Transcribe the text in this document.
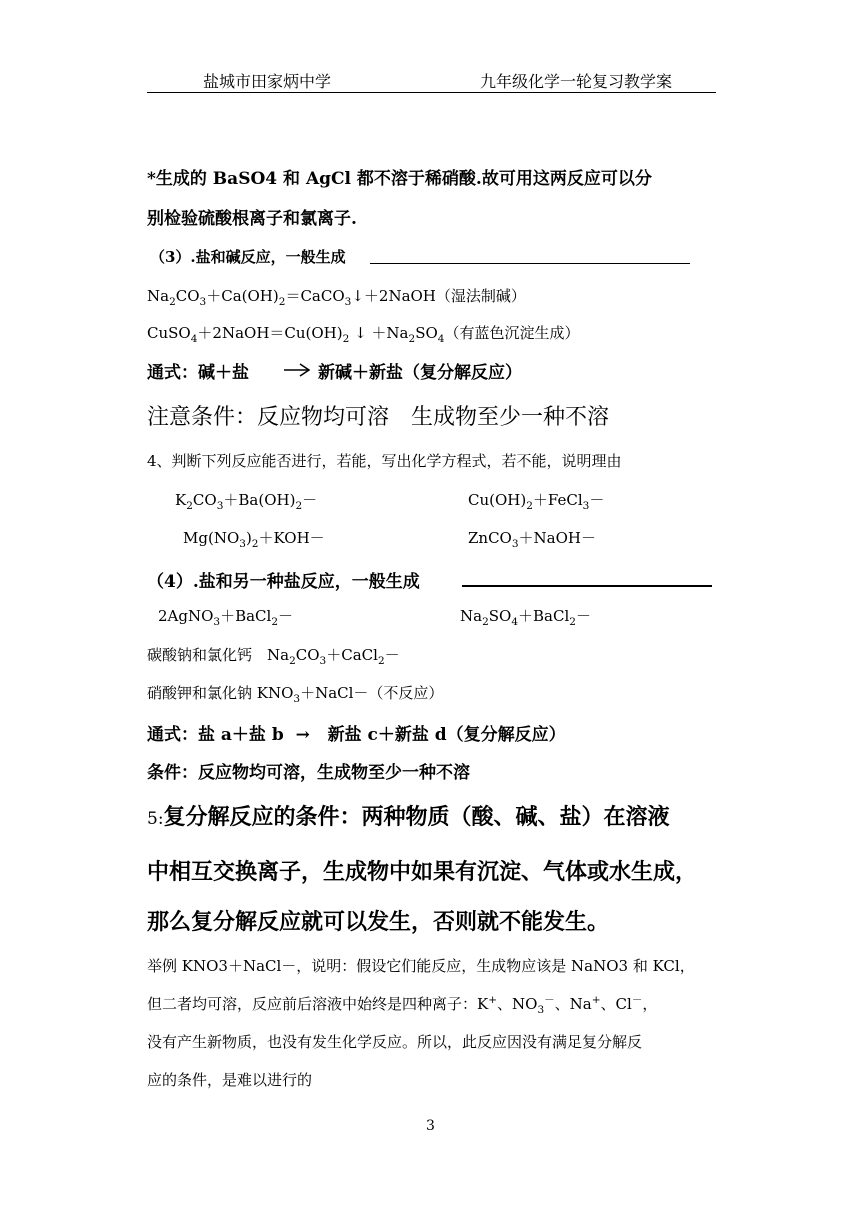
盐城市田家炳中学	九年级化学一轮复习教学案
*生成的 BaSO4 和 AgCl 都不溶于稀硝酸.故可用这两反应可以分
别检验硫酸根离子和氯离子.
（3）.盐和碱反应，一般生成
$Na_2CO_3+Ca(OH)_2=CaCO_3↓+2NaOH$（湿法制碱）
$CuSO_4+2NaOH=Cu(OH)_2$ ↓ $+Na_2SO_4$（有蓝色沉淀生成）
通式：碱＋盐	新碱＋新盐（复分解反应）
注意条件：反应物均可溶　生成物至少一种不溶
4、判断下列反应能否进行，若能，写出化学方程式，若不能，说明理由
$K_2CO_3+Ba(OH)_2-$	$Cu(OH)_2+FeCl_3-$
$Mg(NO_3)_2+KOH-$	ZnCO$_3$＋NaOH－
（4）.盐和另一种盐反应，一般生成
2AgNO$_3$＋BaCl$_2$－	$Na_2SO_4+BaCl_2-$
碳酸钠和氯化钙　$Na_2CO_3+CaCl_2-$
硝酸钾和氯化钠 $KNO_3+NaCl-$（不反应）
通式：盐 a＋盐 b → 新盐 c＋新盐 d（复分解反应）
条件：反应物均可溶，生成物至少一种不溶
5:复分解反应的条件：两种物质（酸、碱、盐）在溶液
中相互交换离子，生成物中如果有沉淀、气体或水生成，
那么复分解反应就可以发生，否则就不能发生。
举例 KNO3＋NaCl－，说明：假设它们能反应，生成物应该是 NaNO3 和 KCl，
但二者均可溶，反应前后溶液中始终是四种离子：K+、$NO_3^-$、Na+、Cl－，
没有产生新物质，也没有发生化学反应。所以，此反应因没有满足复分解反
应的条件，是难以进行的
3
